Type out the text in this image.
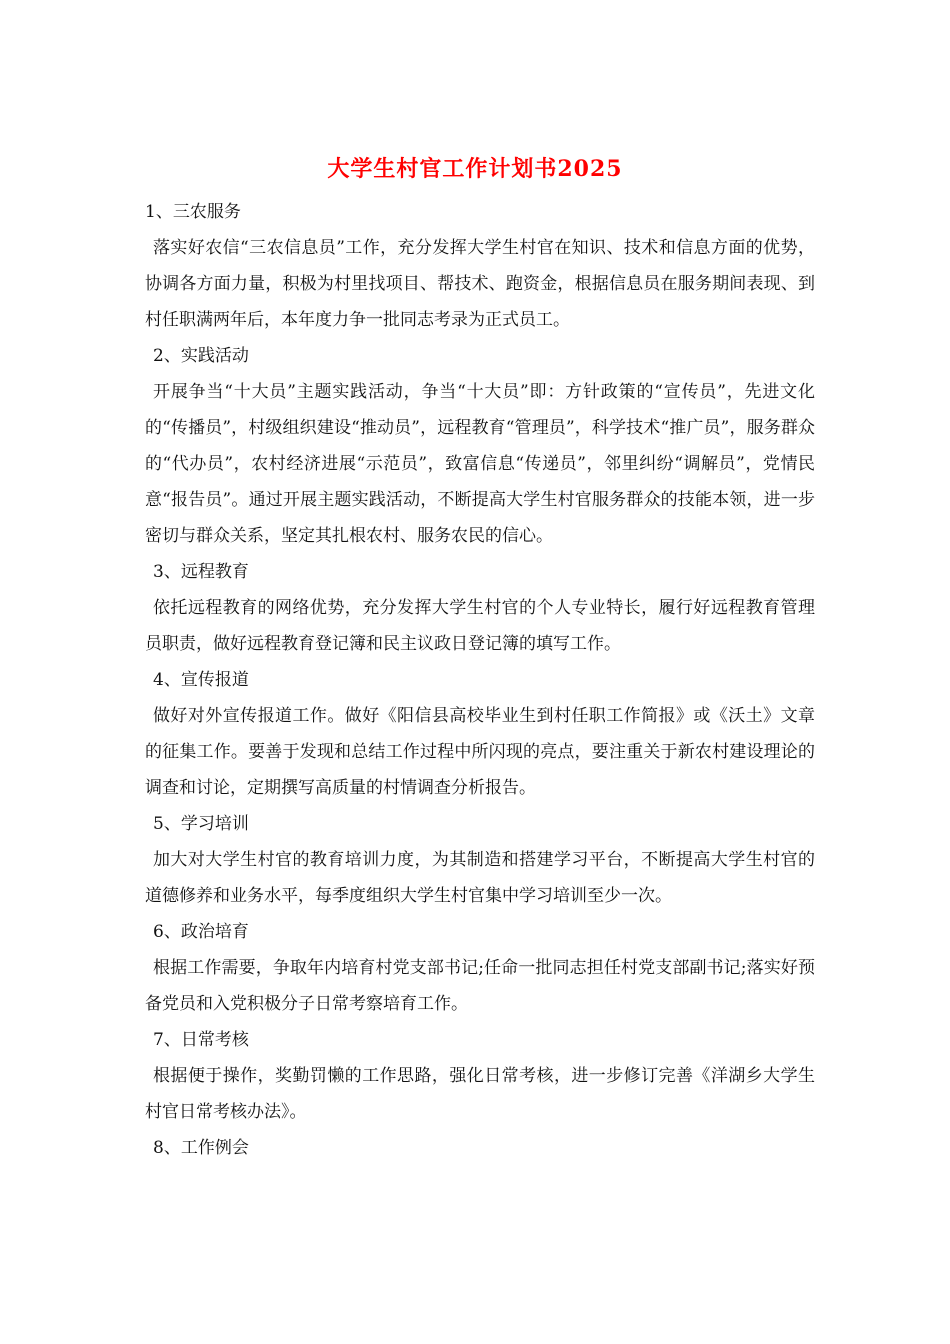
大学生村官工作计划书2025

1、三农服务

落实好农信“三农信息员”工作，充分发挥大学生村官在知识、技术和信息方面的优势，协调各方面力量，积极为村里找项目、帮技术、跑资金，根据信息员在服务期间表现、到村任职满两年后，本年度力争一批同志考录为正式员工。

2、实践活动

开展争当“十大员”主题实践活动，争当“十大员”即：方针政策的“宣传员”，先进文化的“传播员”，村级组织建设“推动员”，远程教育“管理员”，科学技术“推广员”，服务群众的“代办员”，农村经济进展“示范员”，致富信息“传递员”，邻里纠纷“调解员”，党情民意“报告员”。通过开展主题实践活动，不断提高大学生村官服务群众的技能本领，进一步密切与群众关系，坚定其扎根农村、服务农民的信心。

3、远程教育

依托远程教育的网络优势，充分发挥大学生村官的个人专业特长，履行好远程教育管理员职责，做好远程教育登记簿和民主议政日登记簿的填写工作。

4、宣传报道

做好对外宣传报道工作。做好《阳信县高校毕业生到村任职工作简报》或《沃土》文章的征集工作。要善于发现和总结工作过程中所闪现的亮点，要注重关于新农村建设理论的调查和讨论，定期撰写高质量的村情调查分析报告。

5、学习培训

加大对大学生村官的教育培训力度，为其制造和搭建学习平台，不断提高大学生村官的道德修养和业务水平，每季度组织大学生村官集中学习培训至少一次。

6、政治培育

根据工作需要，争取年内培育村党支部书记;任命一批同志担任村党支部副书记;落实好预备党员和入党积极分子日常考察培育工作。

7、日常考核

根据便于操作，奖勤罚懒的工作思路，强化日常考核，进一步修订完善《洋湖乡大学生村官日常考核办法》。

8、工作例会
